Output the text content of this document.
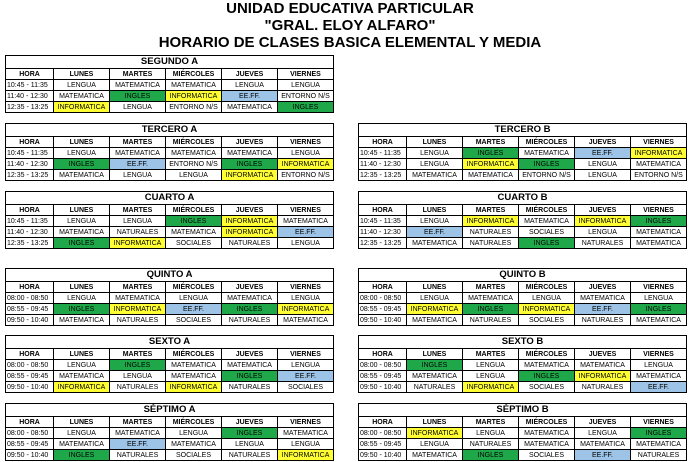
UNIDAD EDUCATIVA PARTICULAR
"GRAL. ELOY ALFARO"
HORARIO DE CLASES BASICA ELEMENTAL Y MEDIA
SEGUNDO A					
HORA	LUNES	MARTES	MIÉRCOLES	JUEVES	VIERNES
10:45 - 11:35	LENGUA	MATEMATICA	MATEMATICA	LENGUA	LENGUA
11:40 - 12:30	MATEMATICA	INGLES	INFORMATICA	EE.FF.	ENTORNO N/S
12:35 - 13:25	INFORMATICA	LENGUA	ENTORNO N/S	MATEMATICA	INGLES
TERCERO A					
HORA	LUNES	MARTES	MIÉRCOLES	JUEVES	VIERNES
10:45 - 11:35	LENGUA	MATEMATICA	MATEMATICA	MATEMATICA	LENGUA
11:40 - 12:30	INGLES	EE.FF.	ENTORNO N/S	INGLES	INFORMATICA
12:35 - 13:25	MATEMATICA	LENGUA	LENGUA	INFORMATICA	ENTORNO N/S
TERCERO B					
HORA	LUNES	MARTES	MIÉRCOLES	JUEVES	VIERNES
10:45 - 11:35	LENGUA	INGLES	MATEMATICA	EE.FF.	INFORMATICA
11:40 - 12:30	LENGUA	INFORMATICA	INGLES	LENGUA	MATEMATICA
12:35 - 13:25	MATEMATICA	MATEMATICA	ENTORNO N/S	LENGUA	ENTORNO N/S
CUARTO A					
HORA	LUNES	MARTES	MIÉRCOLES	JUEVES	VIERNES
10:45 - 11:35	LENGUA	LENGUA	INGLES	INFORMATICA	MATEMATICA
11:40 - 12:30	MATEMATICA	NATURALES	MATEMATICA	INFORMATICA	EE.FF.
12:35 - 13:25	INGLES	INFORMATICA	SOCIALES	NATURALES	LENGUA
CUARTO B					
HORA	LUNES	MARTES	MIÉRCOLES	JUEVES	VIERNES
10:45 - 11:35	LENGUA	INFORMATICA	MATEMATICA	INFORMATICA	INGLES
11:40 - 12:30	EE.FF.	NATURALES	SOCIALES	LENGUA	MATEMATICA
12:35 - 13:25	MATEMATICA	NATURALES	INGLES	NATURALES	MATEMATICA
QUINTO A					
HORA	LUNES	MARTES	MIÉRCOLES	JUEVES	VIERNES
08:00 - 08:50	LENGUA	MATEMATICA	LENGUA	MATEMATICA	LENGUA
08:55 - 09:45	INGLES	INFORMATICA	EE.FF.	INGLES	INFORMATICA
09:50 - 10:40	MATEMATICA	NATURALES	SOCIALES	NATURALES	MATEMATICA
QUINTO B					
HORA	LUNES	MARTES	MIÉRCOLES	JUEVES	VIERNES
08:00 - 08:50	LENGUA	MATEMATICA	LENGUA	MATEMATICA	LENGUA
08:55 - 09:45	INFORMATICA	INGLES	INFORMATICA	EE.FF.	INGLES
09:50 - 10:40	MATEMATICA	NATURALES	SOCIALES	NATURALES	MATEMATICA
SEXTO A					
HORA	LUNES	MARTES	MIÉRCOLES	JUEVES	VIERNES
08:00 - 08:50	LENGUA	INGLES	MATEMATICA	MATEMATICA	LENGUA
08:55 - 09:45	MATEMATICA	LENGUA	MATEMATICA	INGLES	EE.FF.
09:50 - 10:40	INFORMATICA	NATURALES	INFORMATICA	NATURALES	SOCIALES
SEXTO B					
HORA	LUNES	MARTES	MIÉRCOLES	JUEVES	VIERNES
08:00 - 08:50	INGLES	LENGUA	MATEMATICA	MATEMATICA	LENGUA
08:55 - 09:45	MATEMATICA	LENGUA	INGLES	INFORMATICA	MATEMATICA
09:50 - 10:40	NATURALES	INFORMATICA	SOCIALES	NATURALES	EE.FF.
SÉPTIMO A					
HORA	LUNES	MARTES	MIÉRCOLES	JUEVES	VIERNES
08:00 - 08:50	LENGUA	MATEMATICA	LENGUA	INGLES	MATEMATICA
08:55 - 09:45	MATEMATICA	EE.FF.	MATEMATICA	LENGUA	LENGUA
09:50 - 10:40	INGLES	NATURALES	SOCIALES	NATURALES	INFORMATICA
SÉPTIMO B					
HORA	LUNES	MARTES	MIÉRCOLES	JUEVES	VIERNES
08:00 - 08:50	INFORMATICA	LENGUA	MATEMATICA	LENGUA	INGLES
08:55 - 09:45	LENGUA	NATURALES	MATEMATICA	MATEMATICA	MATEMATICA
09:50 - 10:40	MATEMATICA	INGLES	SOCIALES	EE.FF.	NATURALES
